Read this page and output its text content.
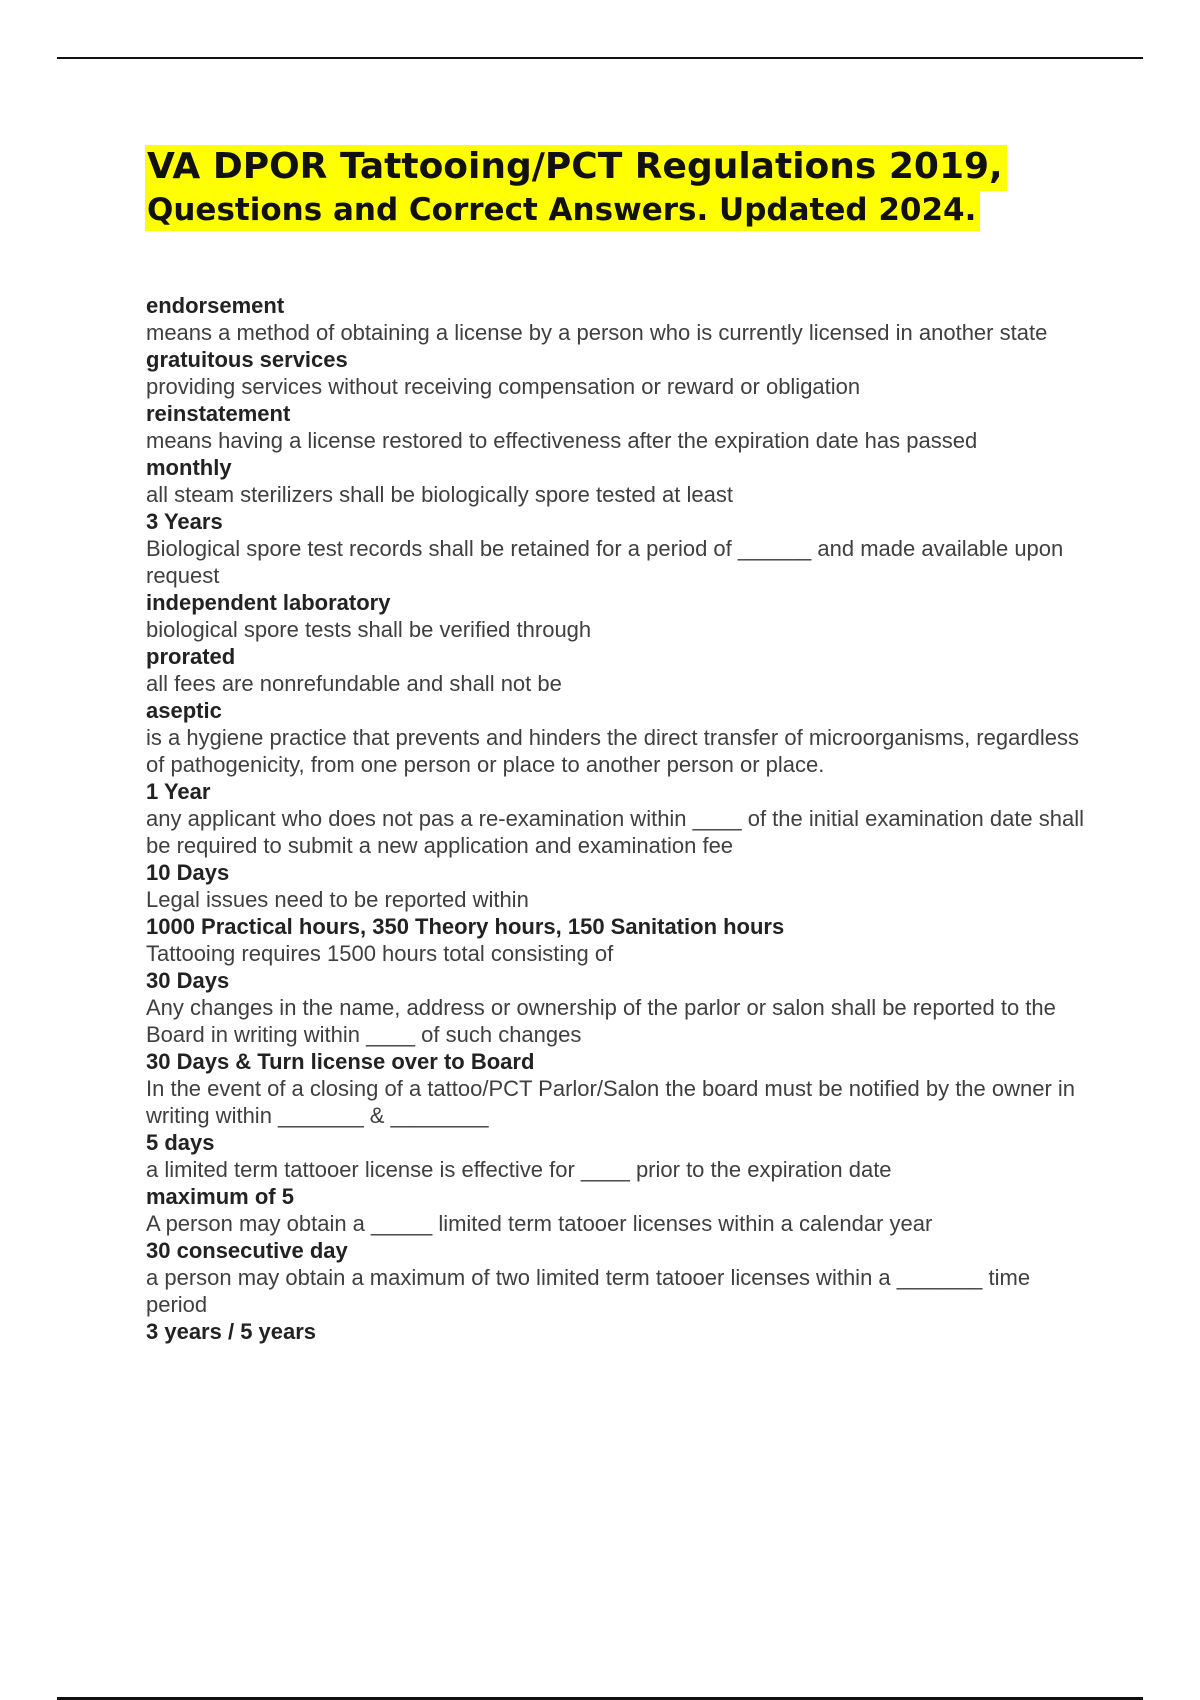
VA DPOR Tattooing/PCT Regulations 2019,
Questions and Correct Answers. Updated 2024.

endorsement

means a method of obtaining a license by a person who is currently licensed in another state

gratuitous services

providing services without receiving compensation or reward or obligation

reinstatement

means having a license restored to effectiveness after the expiration date has passed

monthly

all steam sterilizers shall be biologically spore tested at least

3 Years

Biological spore test records shall be retained for a period of ______ and made available upon request

independent laboratory

biological spore tests shall be verified through

prorated

all fees are nonrefundable and shall not be

aseptic

is a hygiene practice that prevents and hinders the direct transfer of microorganisms, regardless of pathogenicity, from one person or place to another person or place.

1 Year

any applicant who does not pas a re-examination within ____ of the initial examination date shall be required to submit a new application and examination fee

10 Days

Legal issues need to be reported within

1000 Practical hours, 350 Theory hours, 150 Sanitation hours

Tattooing requires 1500 hours total consisting of

30 Days

Any changes in the name, address or ownership of the parlor or salon shall be reported to the Board in writing within ____ of such changes

30 Days & Turn license over to Board

In the event of a closing of a tattoo/PCT Parlor/Salon the board must be notified by the owner in writing within _______ & ________

5 days

a limited term tattooer license is effective for ____ prior to the expiration date

maximum of 5

A person may obtain a _____ limited term tatooer licenses within a calendar year

30 consecutive day

a person may obtain a maximum of two limited term tatooer licenses within a _______ time period

3 years / 5 years
